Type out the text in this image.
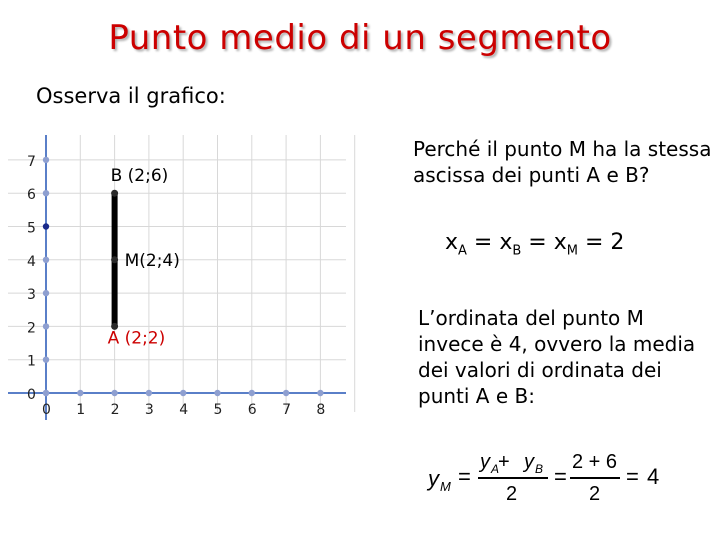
Punto medio di un segmento
Osserva il grafico:
0
1
2
3
4
5
6
7
0 1 2 3 4 5 6 7 8
A (2;2)
M(2;4)
B (2;6)
Perché il punto M ha la stessa ascissa dei punti A e B?
$x_A = x_B = x_M = 2$
L’ordinata del punto M invece è 4, ovvero la media dei valori di ordinata dei punti A e B:
y M =
y A
+ y B
2
=
2 + 6
2
= 4
